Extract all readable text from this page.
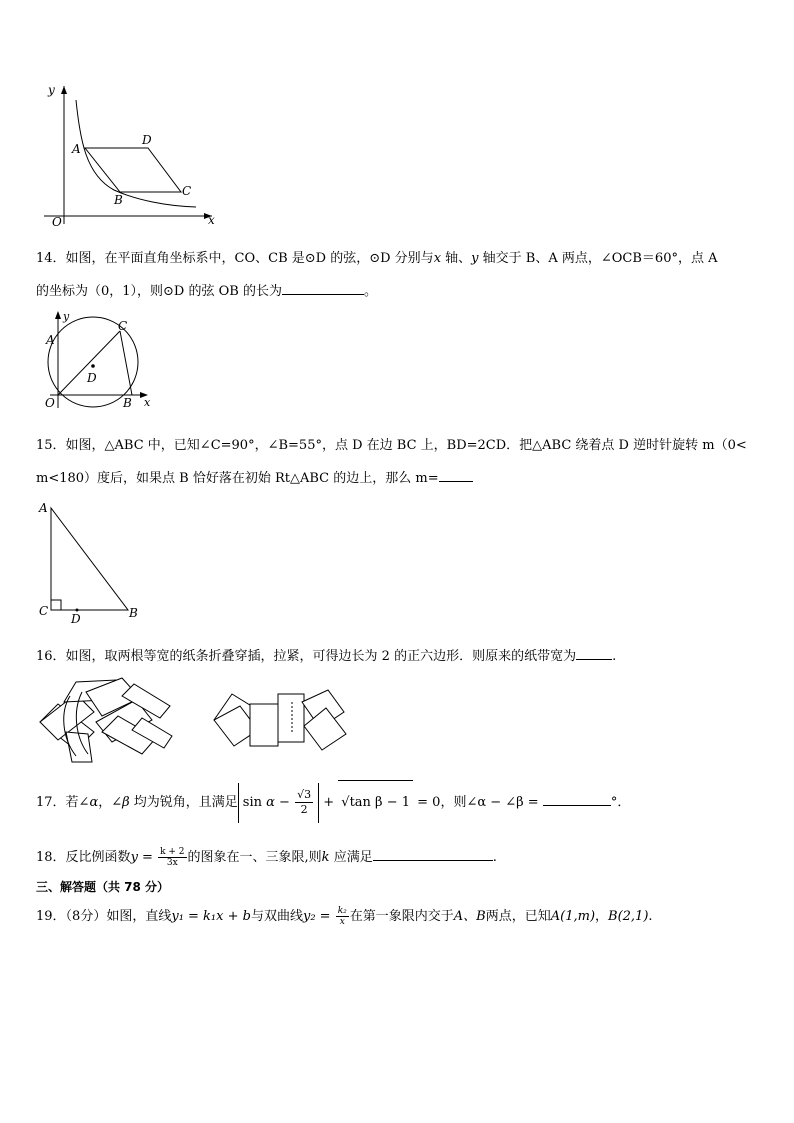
y
x
O
A
D
C
B
14．如图，在平面直角坐标系中，CO、CB 是⊙D 的弦，⊙D 分别与x 轴、y 轴交于 B、A 两点，∠OCB＝60°，点 A
的坐标为（0，1），则⊙D 的弦 OB 的长为	。
y
x
O
A
C
B
D
15．如图，△ABC 中，已知∠C=90°，∠B=55°，点 D 在边 BC 上，BD=2CD．把△ABC 绕着点 D 逆时针旋转 m（0<
m<180）度后，如果点 B 恰好落在初始 Rt△ABC 的边上，那么 m=
A
C	B
D
16．如图，取两根等宽的纸条折叠穿插，拉紧，可得边长为 2 的正六边形．则原来的纸带宽为	.
17．若∠α，∠β 均为锐角，且满足 $\sin \alpha - \frac{√3}{2} + √\tan$ β − 1 = 0，则∠α − ∠β =	°．
18．反比例函数$y = \frac{k + 2}{3x}$ 的图象在一、三象限,则k 应满足	.
三、解答题（共 78 分）
19．（8分）如图，直线y₁ = k₁x + b与双曲线$y_2 = \frac{\text{k₂}}{x}$ 在第一象限内交于A、B两点，已知A(1,m)，B(2,1).
